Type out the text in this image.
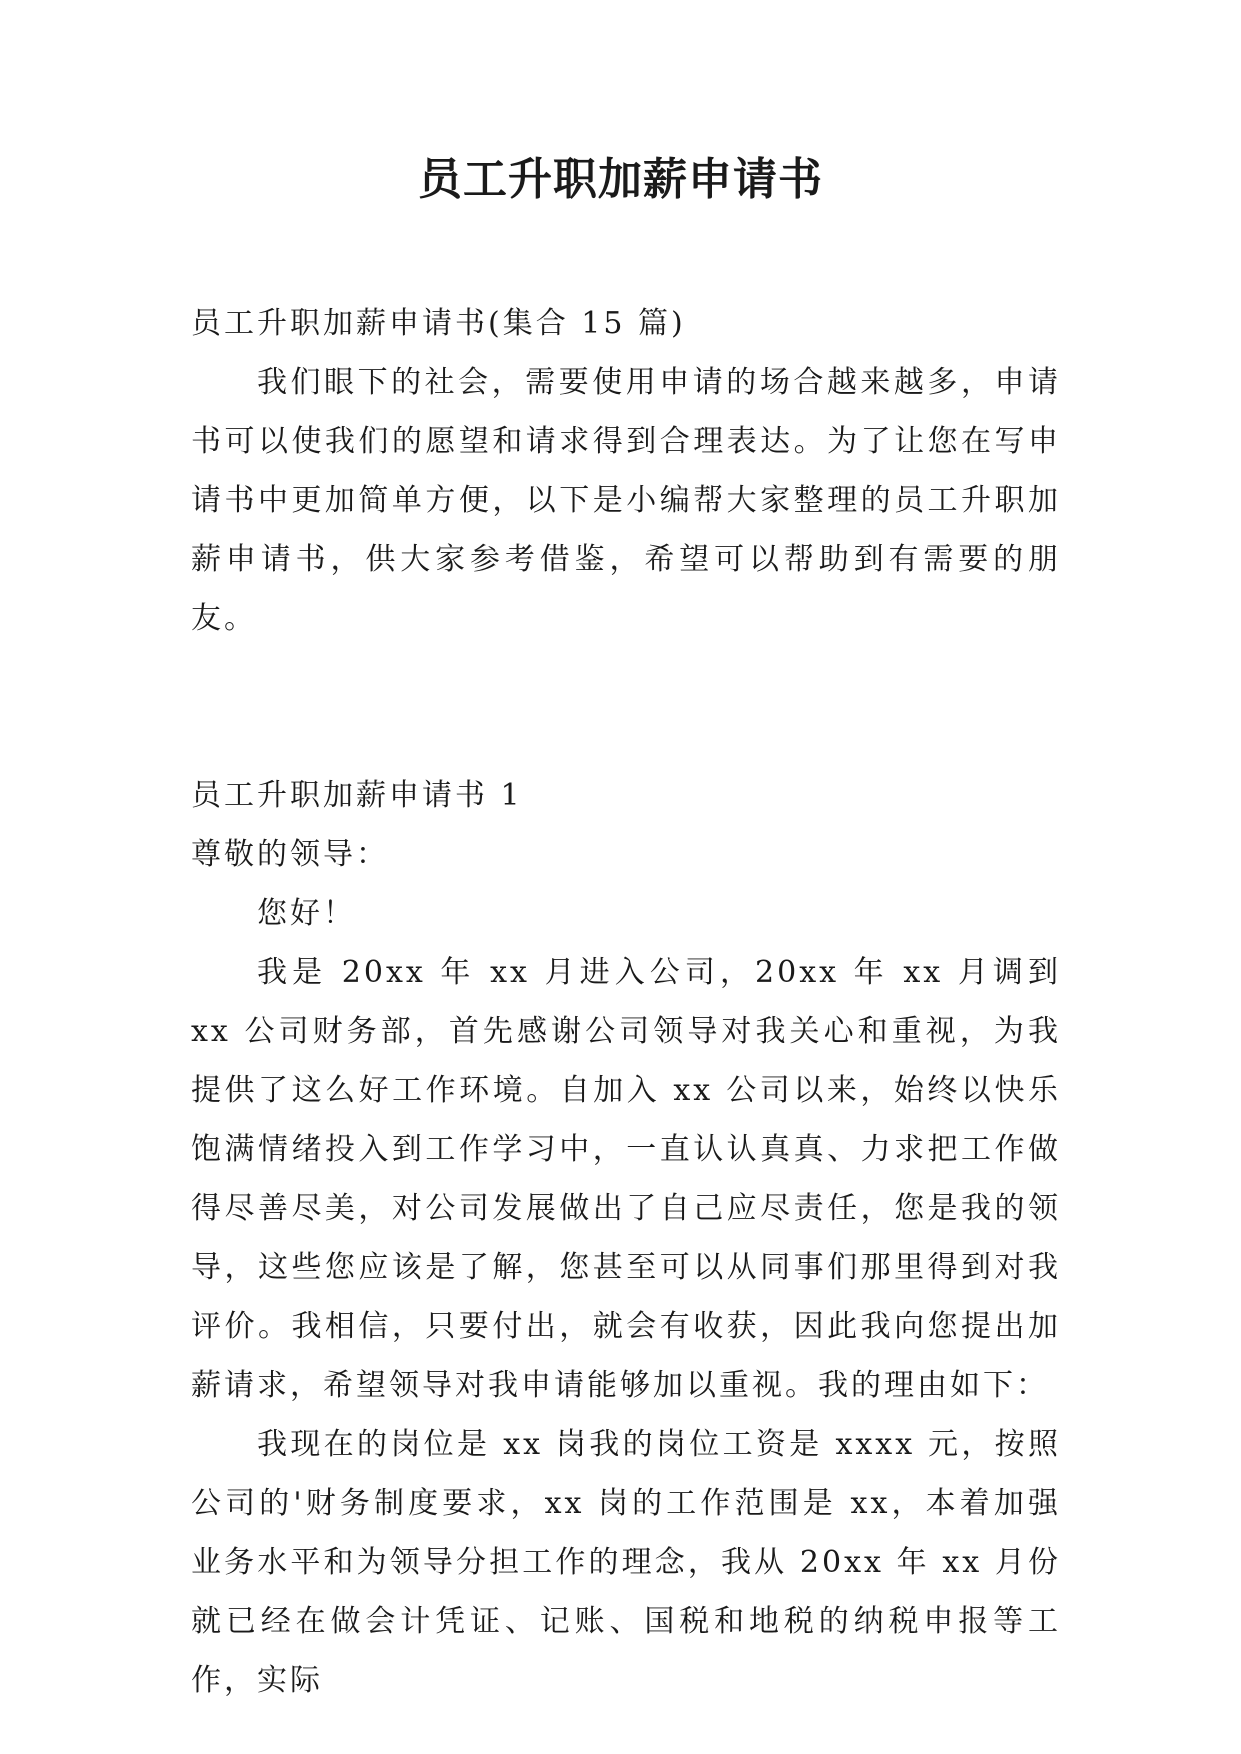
员工升职加薪申请书

员工升职加薪申请书(集合 15 篇)

我们眼下的社会，需要使用申请的场合越来越多，申请书可以使我们的愿望和请求得到合理表达。为了让您在写申请书中更加简单方便，以下是小编帮大家整理的员工升职加薪申请书，供大家参考借鉴，希望可以帮助到有需要的朋友。

员工升职加薪申请书 1

尊敬的领导：

您好！

我是 20xx 年 xx 月进入公司，20xx 年 xx 月调到 xx 公司财务部，首先感谢公司领导对我关心和重视，为我提供了这么好工作环境。自加入 xx 公司以来，始终以快乐饱满情绪投入到工作学习中，一直认认真真、力求把工作做得尽善尽美，对公司发展做出了自己应尽责任，您是我的领导，这些您应该是了解，您甚至可以从同事们那里得到对我评价。我相信，只要付出，就会有收获，因此我向您提出加薪请求，希望领导对我申请能够加以重视。我的理由如下：

我现在的岗位是 xx 岗我的岗位工资是 xxxx 元，按照公司的'财务制度要求，xx 岗的工作范围是 xx，本着加强业务水平和为领导分担工作的理念，我从 20xx 年 xx 月份就已经在做会计凭证、记账、国税和地税的纳税申报等工作，实际
